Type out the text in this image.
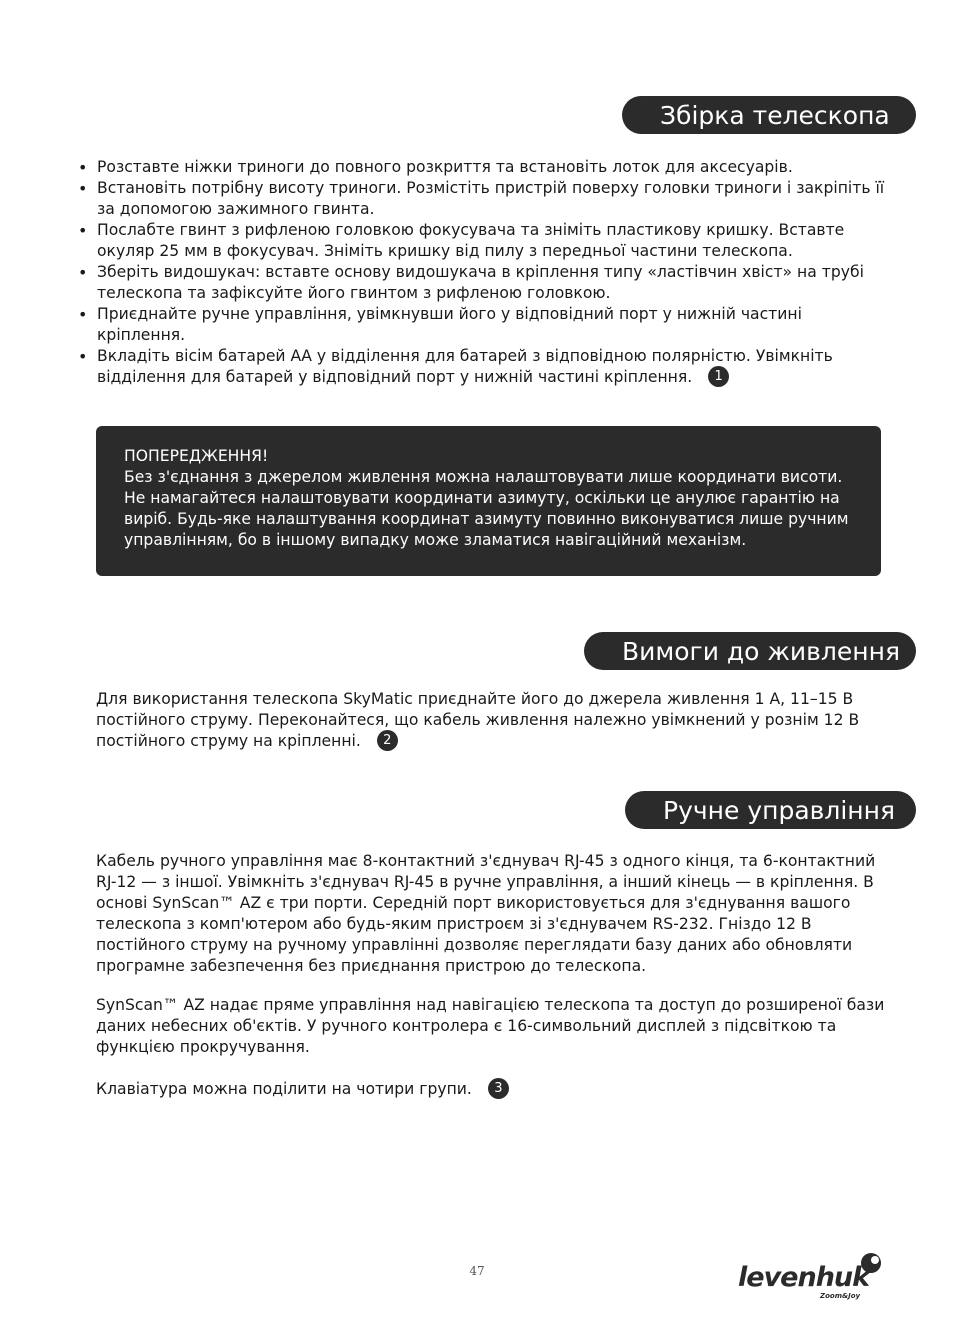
Збірка телескопа
• Розставте ніжки триноги до повного розкриття та встановіть лоток для аксесуарів.
• Встановіть потрібну висоту триноги. Розмістіть пристрій поверху головки триноги і закріпіть її за допомогою зажимного гвинта.
• Послабте гвинт з рифленою головкою фокусувача та зніміть пластикову кришку. Вставте окуляр 25 мм в фокусувач. Зніміть кришку від пилу з передньої частини телескопа.
• Зберіть видошукач: вставте основу видошукача в кріплення типу «ластівчин хвіст» на трубі телескопа та зафіксуйте його гвинтом з рифленою головкою.
• Приєднайте ручне управління, увімкнувши його у відповідний порт у нижній частині кріплення.
• Вкладіть вісім батарей АА у відділення для батарей з відповідною полярністю. Увімкніть відділення для батарей у відповідний порт у нижній частині кріплення. 1
ПОПЕРЕДЖЕННЯ!
Без з'єднання з джерелом живлення можна налаштовувати лише координати висоти. Не намагайтеся налаштовувати координати азимуту, оскільки це анулює гарантію на виріб. Будь-яке налаштування координат азимуту повинно виконуватися лише ручним управлінням, бо в іншому випадку може зламатися навігаційний механізм.
Вимоги до живлення

Для використання телескопа SkyMatic приєднайте його до джерела живлення 1 А, 11–15 В постійного струму. Переконайтеся, що кабель живлення належно увімкнений у рознім 12 В постійного струму на кріпленні. 2

Ручне управління

Кабель ручного управління має 8-контактний з'єднувач RJ-45 з одного кінця, та 6-контактний RJ-12 — з іншої. Увімкніть з'єднувач RJ-45 в ручне управління, а інший кінець — в кріплення. В основі SynScan™ AZ є три порти. Середній порт використовується для з'єднування вашого телескопа з комп'ютером або будь-яким пристроєм зі з'єднувачем RS-232. Гніздо 12 В постійного струму на ручному управлінні дозволяє переглядати базу даних або обновляти програмне забезпечення без приєднання пристрою до телескопа.

SynScan™ AZ надає пряме управління над навігацією телескопа та доступ до розширеної бази даних небесних об'єктів. У ручного контролера є 16-символьний дисплей з підсвіткою та функцією прокручування.

Клавіатура можна поділити на чотири групи. 3

47	levenhuk
Zoom&Joy
